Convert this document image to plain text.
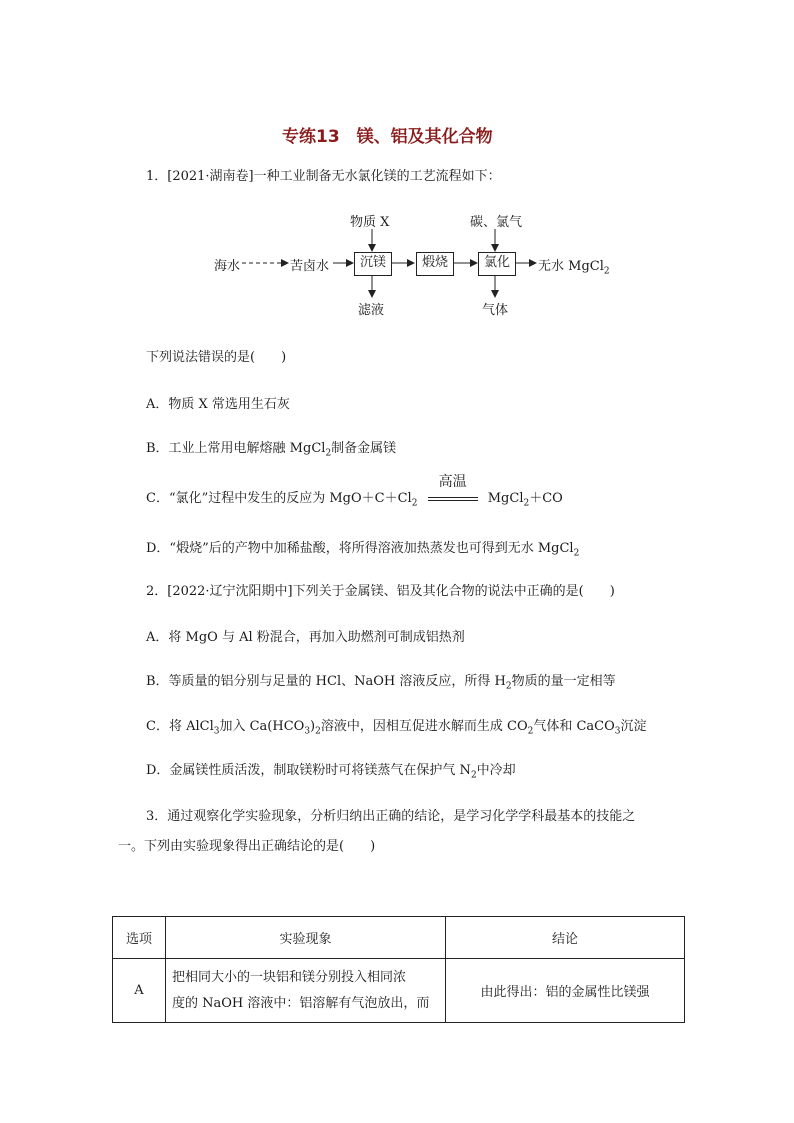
专练13　镁、铝及其化合物
1．[2021·湖南卷]一种工业制备无水氯化镁的工艺流程如下：
海水	苦卤水	沉镁	煅烧	氯化	无水 MgCl$_2$
物质 X	碳、氯气
滤液	气体
下列说法错误的是(　　)
A．物质 X 常选用生石灰
B．工业上常用电解熔融 MgCl$_2$制备金属镁
C．“氯化”过程中发生的反应为 $MgO+C+Cl_2$
高温
MgCl$_2$＋CO
D．“煅烧”后的产物中加稀盐酸，将所得溶液加热蒸发也可得到无水 MgCl$_2$
2．[2022·辽宁沈阳期中]下列关于金属镁、铝及其化合物的说法中正确的是(　　)
A．将 MgO 与 Al 粉混合，再加入助燃剂可制成铝热剂
B．等质量的铝分别与足量的 HCl、NaOH 溶液反应，所得 $H_2$物质的量一定相等
C．将 AlCl$_3$加入 $Ca(HCO_3)_2$溶液中，因相互促进水解而生成 $CO_2$气体和 CaCO$_3$沉淀
D．金属镁性质活泼，制取镁粉时可将镁蒸气在保护气 $N_2$中冷却
3．通过观察化学实验现象，分析归纳出正确的结论，是学习化学学科最基本的技能之
一。下列由实验现象得出正确结论的是(　　)
选项	实验现象	结论
A	把相同大小的一块铝和镁分别投入相同浓
度的 NaOH 溶液中：铝溶解有气泡放出，而	由此得出：铝的金属性比镁强
